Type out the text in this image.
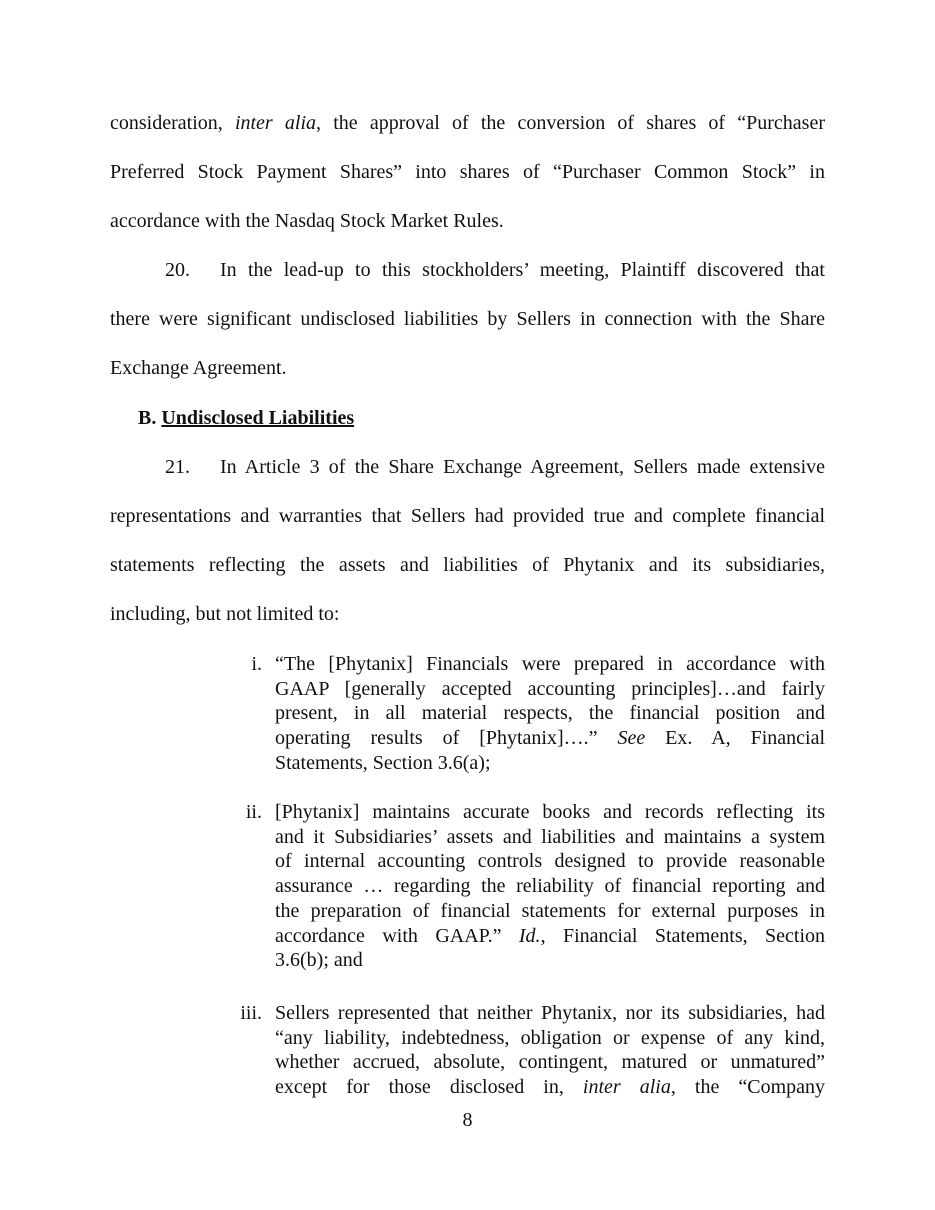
consideration, inter alia, the approval of the conversion of shares of “Purchaser
Preferred Stock Payment Shares” into shares of “Purchaser Common Stock” in
accordance with the Nasdaq Stock Market Rules.
20. In the lead-up to this stockholders’ meeting, Plaintiff discovered that
there were significant undisclosed liabilities by Sellers in connection with the Share
Exchange Agreement.
B. Undisclosed Liabilities
21. In Article 3 of the Share Exchange Agreement, Sellers made extensive
representations and warranties that Sellers had provided true and complete financial
statements reflecting the assets and liabilities of Phytanix and its subsidiaries,
including, but not limited to:
i. “The [Phytanix] Financials were prepared in accordance with
GAAP [generally accepted accounting principles]…and fairly
present, in all material respects, the financial position and
operating results of [Phytanix]….” See Ex. A, Financial
Statements, Section 3.6(a);
ii. [Phytanix] maintains accurate books and records reflecting its
and it Subsidiaries’ assets and liabilities and maintains a system
of internal accounting controls designed to provide reasonable
assurance … regarding the reliability of financial reporting and
the preparation of financial statements for external purposes in
accordance with GAAP.” Id., Financial Statements, Section
3.6(b); and
iii. Sellers represented that neither Phytanix, nor its subsidiaries, had
“any liability, indebtedness, obligation or expense of any kind,
whether accrued, absolute, contingent, matured or unmatured”
except for those disclosed in, inter alia, the “Company
8
